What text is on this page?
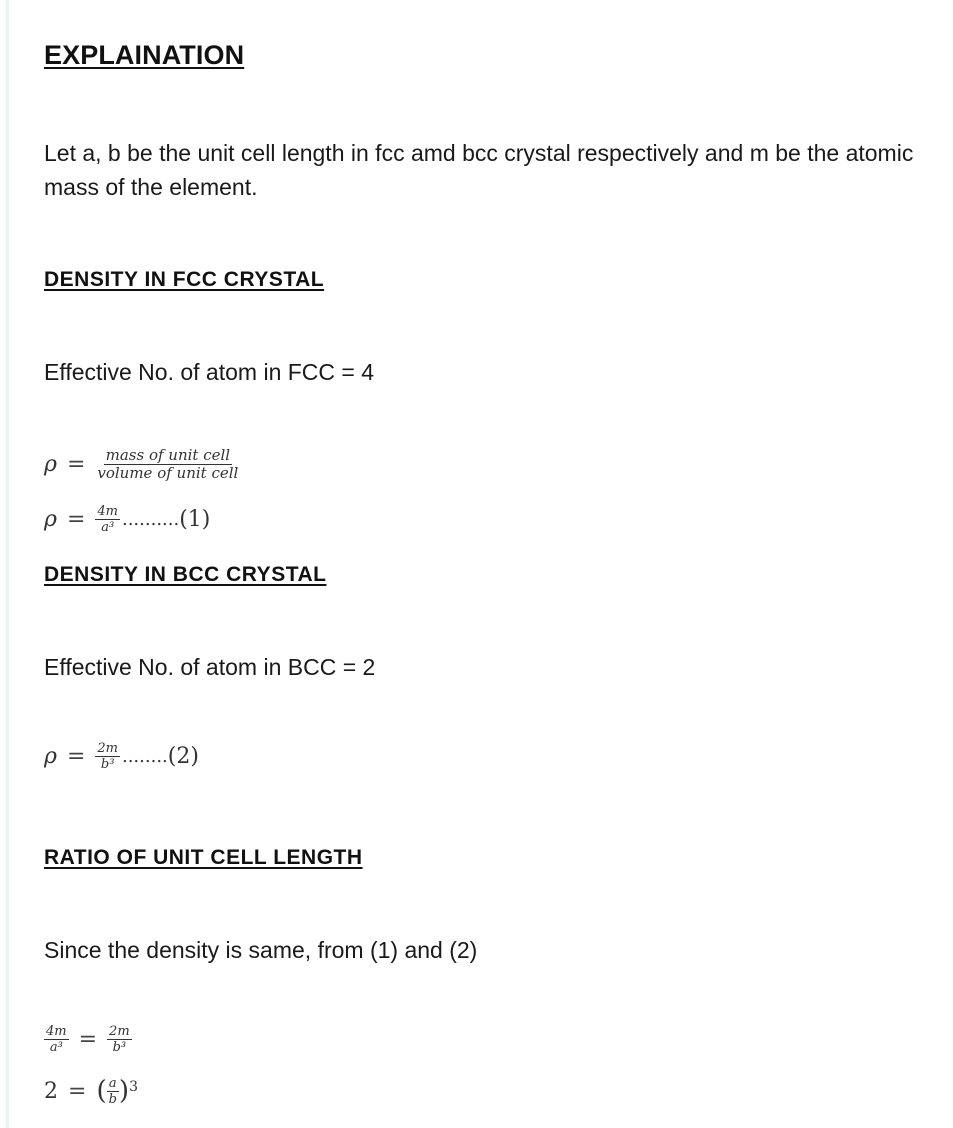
EXPLAINATION
Let a, b be the unit cell length in fcc amd bcc crystal respectively and m be the atomic mass of the element.
DENSITY IN FCC CRYSTAL
Effective No. of atom in FCC = 4
$\rho = \frac{\text{mass of unit cell}}{\text{volume of unit cell}}$
$\rho = \frac{4m}{\text{a³}}$ .......... (1)
DENSITY IN BCC CRYSTAL
Effective No. of atom in BCC = 2
$\rho = \frac{2m}{\text{b³}}$ ........ (2)
RATIO OF UNIT CELL LENGTH
Since the density is same, from (1) and (2)
$\frac{4m}{\text{a³}} = \frac{2m}{\text{b³}}$
2 = ( $\frac{a}{b}$ ) 3
